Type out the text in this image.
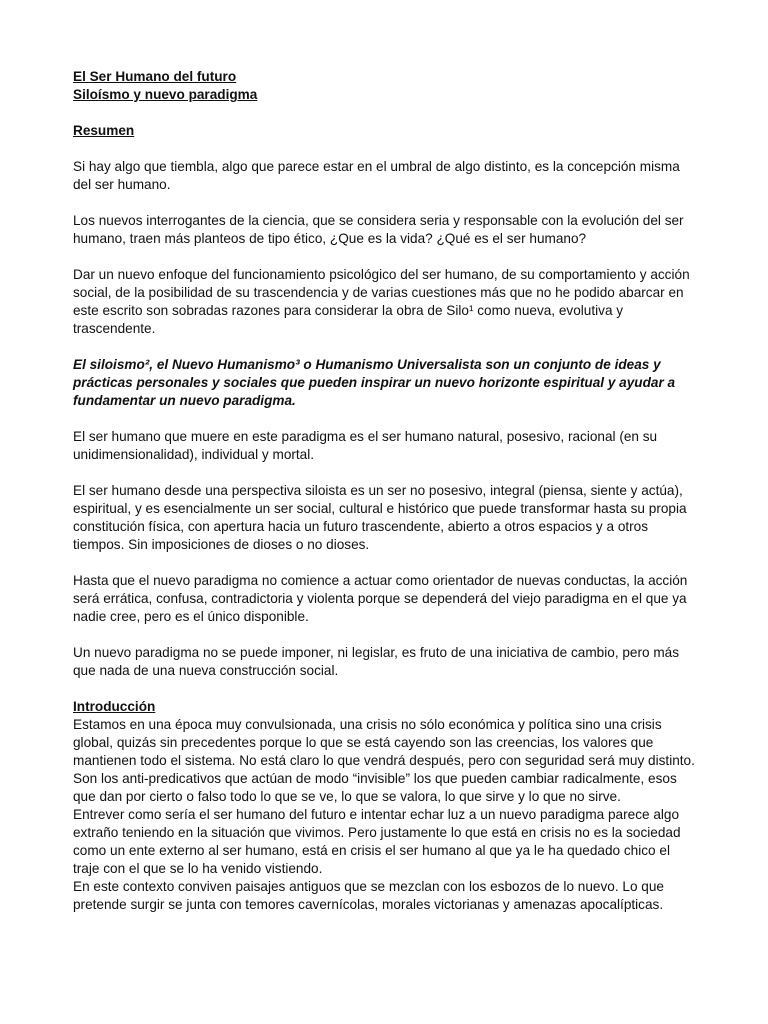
El Ser Humano del futuro

Siloísmo y nuevo paradigma

Resumen

Si hay algo que tiembla, algo que parece estar en el umbral de algo distinto, es la concepción misma del ser humano.

Los nuevos interrogantes de la ciencia, que se considera seria y responsable con la evolución del ser humano, traen más planteos de tipo ético, ¿Que es la vida? ¿Qué es el ser humano?

Dar un nuevo enfoque del funcionamiento psicológico del ser humano, de su comportamiento y acción social, de la posibilidad de su trascendencia y de varias cuestiones más que no he podido abarcar en este escrito son sobradas razones para considerar la obra de Silo¹ como nueva, evolutiva y trascendente.

El siloismo², el Nuevo Humanismo³ o Humanismo Universalista son un conjunto de ideas y prácticas personales y sociales que pueden inspirar un nuevo horizonte espiritual y ayudar a fundamentar un nuevo paradigma.

El ser humano que muere en este paradigma es el ser humano natural, posesivo, racional (en su unidimensionalidad), individual y mortal.

El ser humano desde una perspectiva siloista es un ser no posesivo, integral (piensa, siente y actúa), espiritual, y es esencialmente un ser social, cultural e histórico que puede transformar hasta su propia constitución física, con apertura hacia un futuro trascendente, abierto a otros espacios y a otros tiempos. Sin imposiciones de dioses o no dioses.

Hasta que el nuevo paradigma no comience a actuar como orientador de nuevas conductas, la acción será errática, confusa, contradictoria y violenta porque se dependerá del viejo paradigma en el que ya nadie cree, pero es el único disponible.

Un nuevo paradigma no se puede imponer, ni legislar, es fruto de una iniciativa de cambio, pero más que nada de una nueva construcción social.

Introducción

Estamos en una época muy convulsionada, una crisis no sólo económica y política sino una crisis global, quizás sin precedentes porque lo que se está cayendo son las creencias, los valores que mantienen todo el sistema. No está claro lo que vendrá después, pero con seguridad será muy distinto. Son los anti-predicativos que actúan de modo “invisible” los que pueden cambiar radicalmente, esos que dan por cierto o falso todo lo que se ve, lo que se valora, lo que sirve y lo que no sirve.

Entrever como sería el ser humano del futuro e intentar echar luz a un nuevo paradigma parece algo extraño teniendo en la situación que vivimos. Pero justamente lo que está en crisis no es la sociedad como un ente externo al ser humano, está en crisis el ser humano al que ya le ha quedado chico el traje con el que se lo ha venido vistiendo.

En este contexto conviven paisajes antiguos que se mezclan con los esbozos de lo nuevo. Lo que pretende surgir se junta con temores cavernícolas, morales victorianas y amenazas apocalípticas.
